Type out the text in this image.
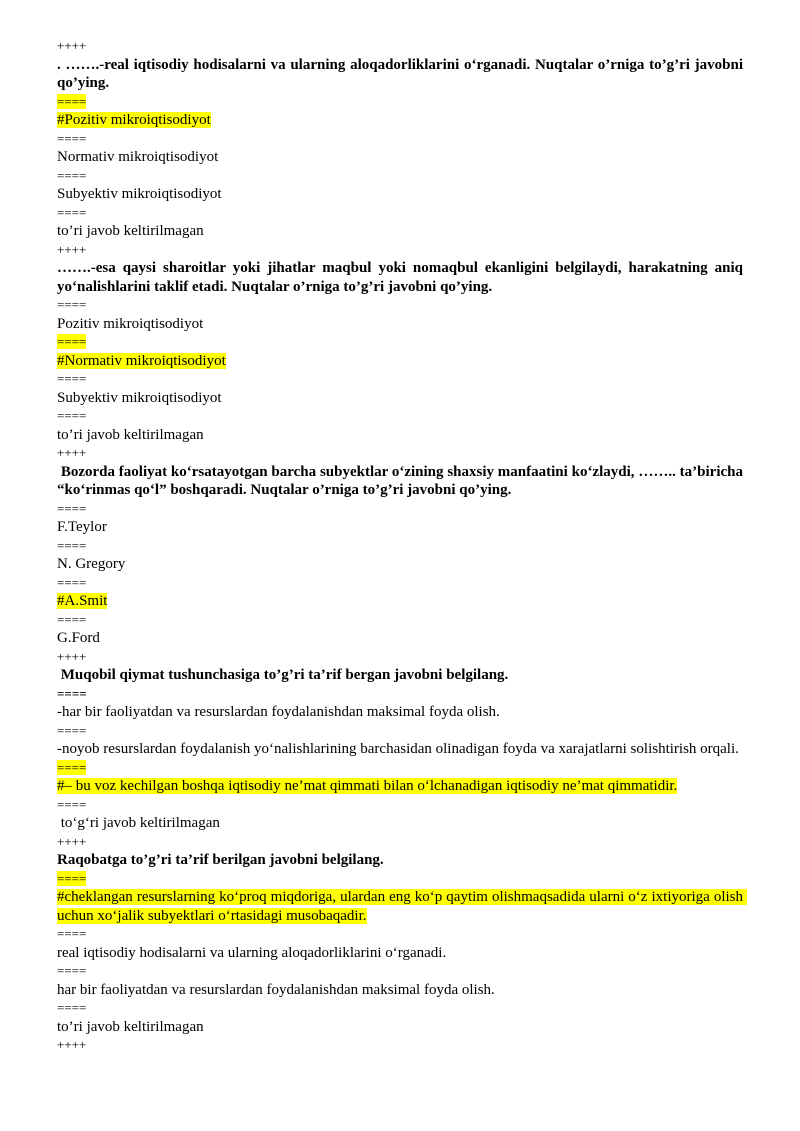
++++
. …….-real iqtisodiy hodisalarni va ularning aloqadorliklarini o‘rganadi. Nuqtalar o’rniga to’g’ri javobni qo’ying.
====
#Pozitiv mikroiqtisodiyot
====
Normativ mikroiqtisodiyot
====
Subyektiv mikroiqtisodiyot
====
to’ri javob keltirilmagan
++++
…….-esa qaysi sharoitlar yoki jihatlar maqbul yoki nomaqbul ekanligini belgilaydi, harakatning aniq yo‘nalishlarini taklif etadi. Nuqtalar o’rniga to’g’ri javobni qo’ying.
====
Pozitiv mikroiqtisodiyot
====
#Normativ mikroiqtisodiyot
====
Subyektiv mikroiqtisodiyot
====
to’ri javob keltirilmagan
++++
Bozorda faoliyat ko‘rsatayotgan barcha subyektlar o‘zining shaxsiy manfaatini ko‘zlaydi, …….. ta’biricha “ko‘rinmas qo‘l” boshqaradi. Nuqtalar o’rniga to’g’ri javobni qo’ying.
====
F.Teylor
====
N. Gregory
====
#A.Smit
====
G.Ford
++++
Muqobil qiymat tushunchasiga to’g’ri ta’rif bergan javobni belgilang.
====
-har bir faoliyatdan va resurslardan foydalanishdan maksimal foyda olish.
====
-noyob resurslardan foydalanish yo‘nalishlarining barchasidan olinadigan foyda va xarajatlarni solishtirish orqali.
====
#– bu voz kechilgan boshqa iqtisodiy ne’mat qimmati bilan o‘lchanadigan iqtisodiy ne’mat qimmatidir.
====
to‘g‘ri javob keltirilmagan
++++
Raqobatga to’g’ri ta’rif berilgan javobni belgilang.
====
#cheklangan resurslarning ko‘proq miqdoriga, ulardan eng ko‘p qaytim olishmaqsadida ularni o‘z ixtiyoriga olish uchun xo‘jalik subyektlari o‘rtasidagi musobaqadir.
====
real iqtisodiy hodisalarni va ularning aloqadorliklarini o‘rganadi.
====
har bir faoliyatdan va resurslardan foydalanishdan maksimal foyda olish.
====
to’ri javob keltirilmagan
++++
